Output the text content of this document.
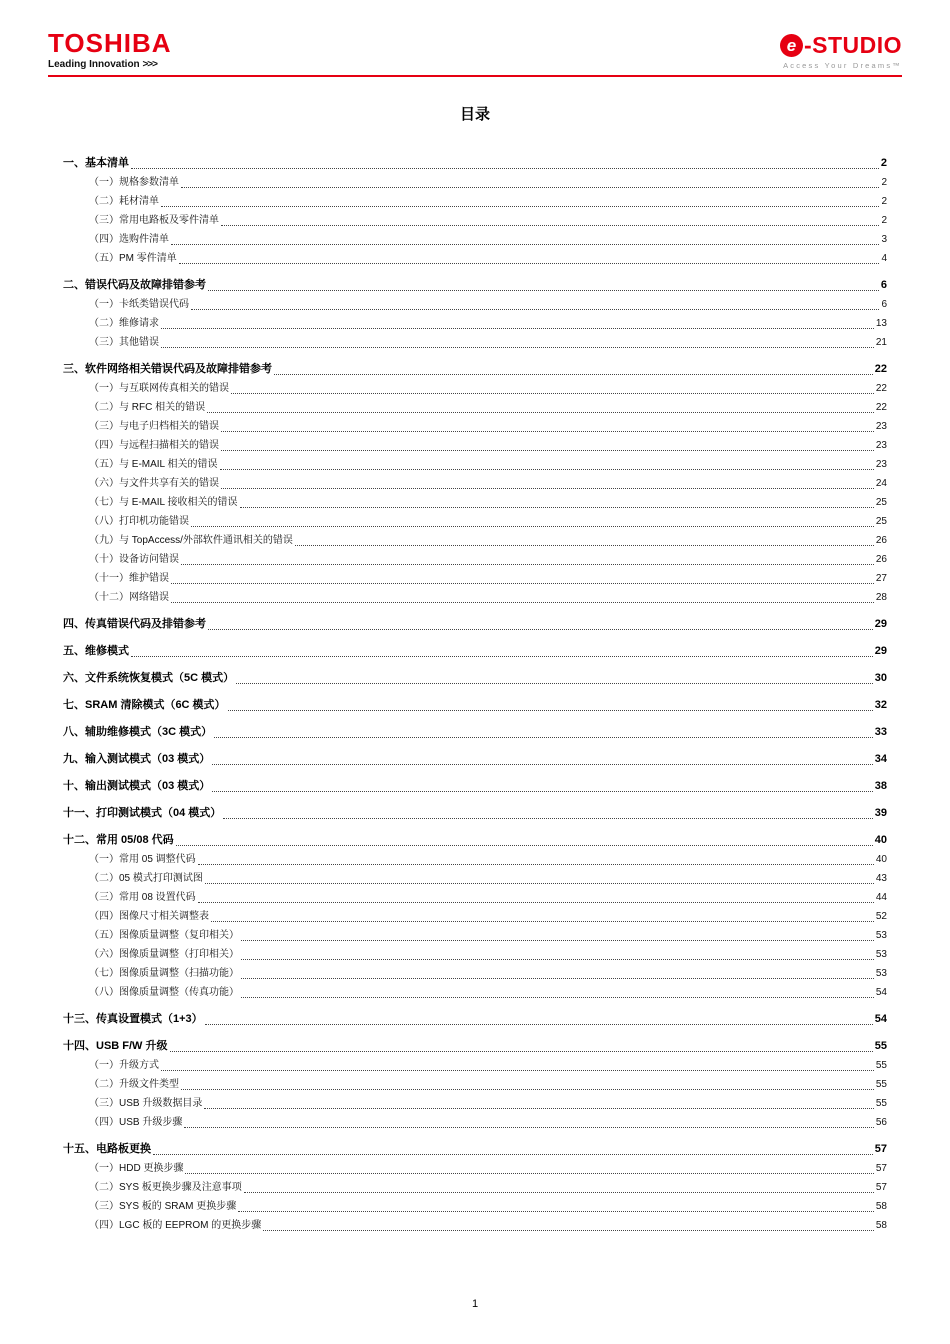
TOSHIBA
Leading Innovation >>>
e -STUDIO
Access Your Dreams™
目录
一、基本清单	2
（一）规格参数清单	2
（二）耗材清单	2
（三）常用电路板及零件清单	2
（四）选购件清单	3
（五）PM 零件清单	4
二、错误代码及故障排错参考	6
（一）卡纸类错误代码	6
（二）维修请求	13
（三）其他错误	21
三、软件网络相关错误代码及故障排错参考	22
（一）与互联网传真相关的错误	22
（二）与 RFC 相关的错误	22
（三）与电子归档相关的错误	23
（四）与远程扫描相关的错误	23
（五）与 E-MAIL 相关的错误	23
（六）与文件共享有关的错误	24
（七）与 E-MAIL 接收相关的错误	25
（八）打印机功能错误	25
（九）与 TopAccess/外部软件通讯相关的错误	26
（十）设备访问错误	26
（十一）维护错误	27
（十二）网络错误	28
四、传真错误代码及排错参考	29
五、维修模式	29
六、文件系统恢复模式（5C 模式）	30
七、SRAM 清除模式（6C 模式）	32
八、辅助维修模式（3C 模式）	33
九、输入测试模式（03 模式）	34
十、输出测试模式（03 模式）	38
十一、打印测试模式（04 模式）	39
十二、常用 05/08 代码	40
（一）常用 05 调整代码	40
（二）05 模式打印测试图	43
（三）常用 08 设置代码	44
（四）图像尺寸相关调整表	52
（五）图像质量调整（复印相关）	53
（六）图像质量调整（打印相关）	53
（七）图像质量调整（扫描功能）	53
（八）图像质量调整（传真功能）	54
十三、传真设置模式（1+3）	54
十四、USB F/W 升级	55
（一）升级方式	55
（二）升级文件类型	55
（三）USB 升级数据目录	55
（四）USB 升级步骤	56
十五、电路板更换	57
（一）HDD 更换步骤	57
（二）SYS 板更换步骤及注意事项	57
（三）SYS 板的 SRAM 更换步骤	58
（四）LGC 板的 EEPROM 的更换步骤	58
1
